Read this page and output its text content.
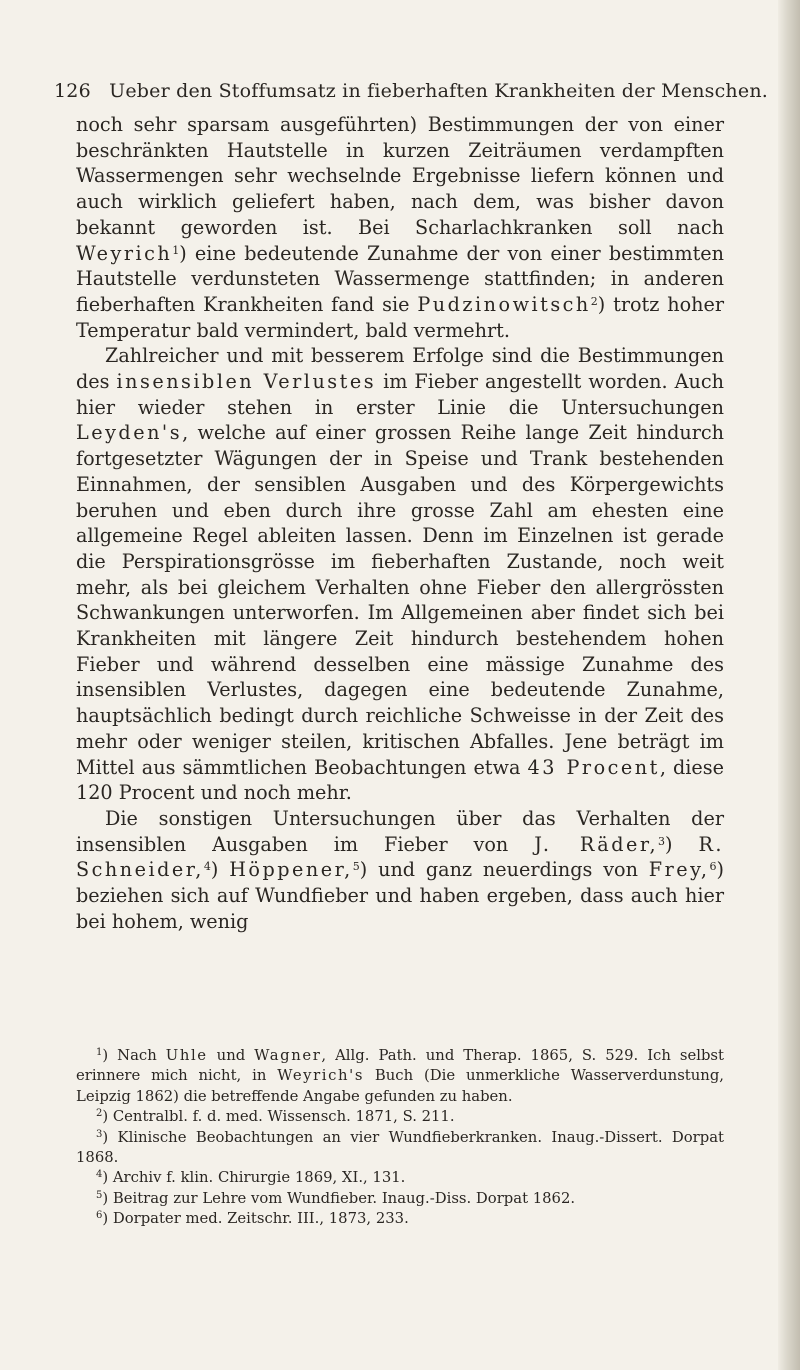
126 Ueber den Stoffumsatz in fieberhaften Krankheiten der Menschen.

noch sehr sparsam ausgeführten) Bestimmungen der von einer beschränkten Hautstelle in kurzen Zeiträumen verdampften Wassermengen sehr wechselnde Ergebnisse liefern können und auch wirklich geliefert haben, nach dem, was bisher davon bekannt geworden ist. Bei Scharlachkranken soll nach Weyrich$^1$) eine bedeutende Zunahme der von einer bestimmten Hautstelle verdunsteten Wassermenge stattfinden; in anderen fieberhaften Krankheiten fand sie Pudzinowitsch$^2$) trotz hoher Temperatur bald vermindert, bald vermehrt.

Zahlreicher und mit besserem Erfolge sind die Bestimmungen des insensiblen Verlustes im Fieber angestellt worden. Auch hier wieder stehen in erster Linie die Untersuchungen Leyden's, welche auf einer grossen Reihe lange Zeit hindurch fortgesetzter Wägungen der in Speise und Trank bestehenden Einnahmen, der sensiblen Ausgaben und des Körpergewichts beruhen und eben durch ihre grosse Zahl am ehesten eine allgemeine Regel ableiten lassen. Denn im Einzelnen ist gerade die Perspirationsgrösse im fieberhaften Zustande, noch weit mehr, als bei gleichem Verhalten ohne Fieber den allergrössten Schwankungen unterworfen. Im Allgemeinen aber findet sich bei Krankheiten mit längere Zeit hindurch bestehendem hohen Fieber und während desselben eine mässige Zunahme des insensiblen Verlustes, dagegen eine bedeutende Zunahme, hauptsächlich bedingt durch reichliche Schweisse in der Zeit des mehr oder weniger steilen, kritischen Abfalles. Jene beträgt im Mittel aus sämmtlichen Beobachtungen etwa 43 Procent, diese 120 Procent und noch mehr.

Die sonstigen Untersuchungen über das Verhalten der insensiblen Ausgaben im Fieber von J. Räder,$^3$) R. Schneider,$^4$) Höppener,$^5$) und ganz neuerdings von Frey,$^6$) beziehen sich auf Wundfieber und haben ergeben, dass auch hier bei hohem, wenig

$^1$) Nach Uhle und Wagner, Allg. Path. und Therap. 1865, S. 529. Ich selbst erinnere mich nicht, in Weyrich's Buch (Die unmerkliche Wasserverdunstung, Leipzig 1862) die betreffende Angabe gefunden zu haben.

$^2$) Centralbl. f. d. med. Wissensch. 1871, S. 211.

$^3$) Klinische Beobachtungen an vier Wundfieberkranken. Inaug.-Dissert. Dorpat 1868.

$^4$) Archiv f. klin. Chirurgie 1869, XI., 131.

$^5$) Beitrag zur Lehre vom Wundfieber. Inaug.-Diss. Dorpat 1862.

$^6$) Dorpater med. Zeitschr. III., 1873, 233.
